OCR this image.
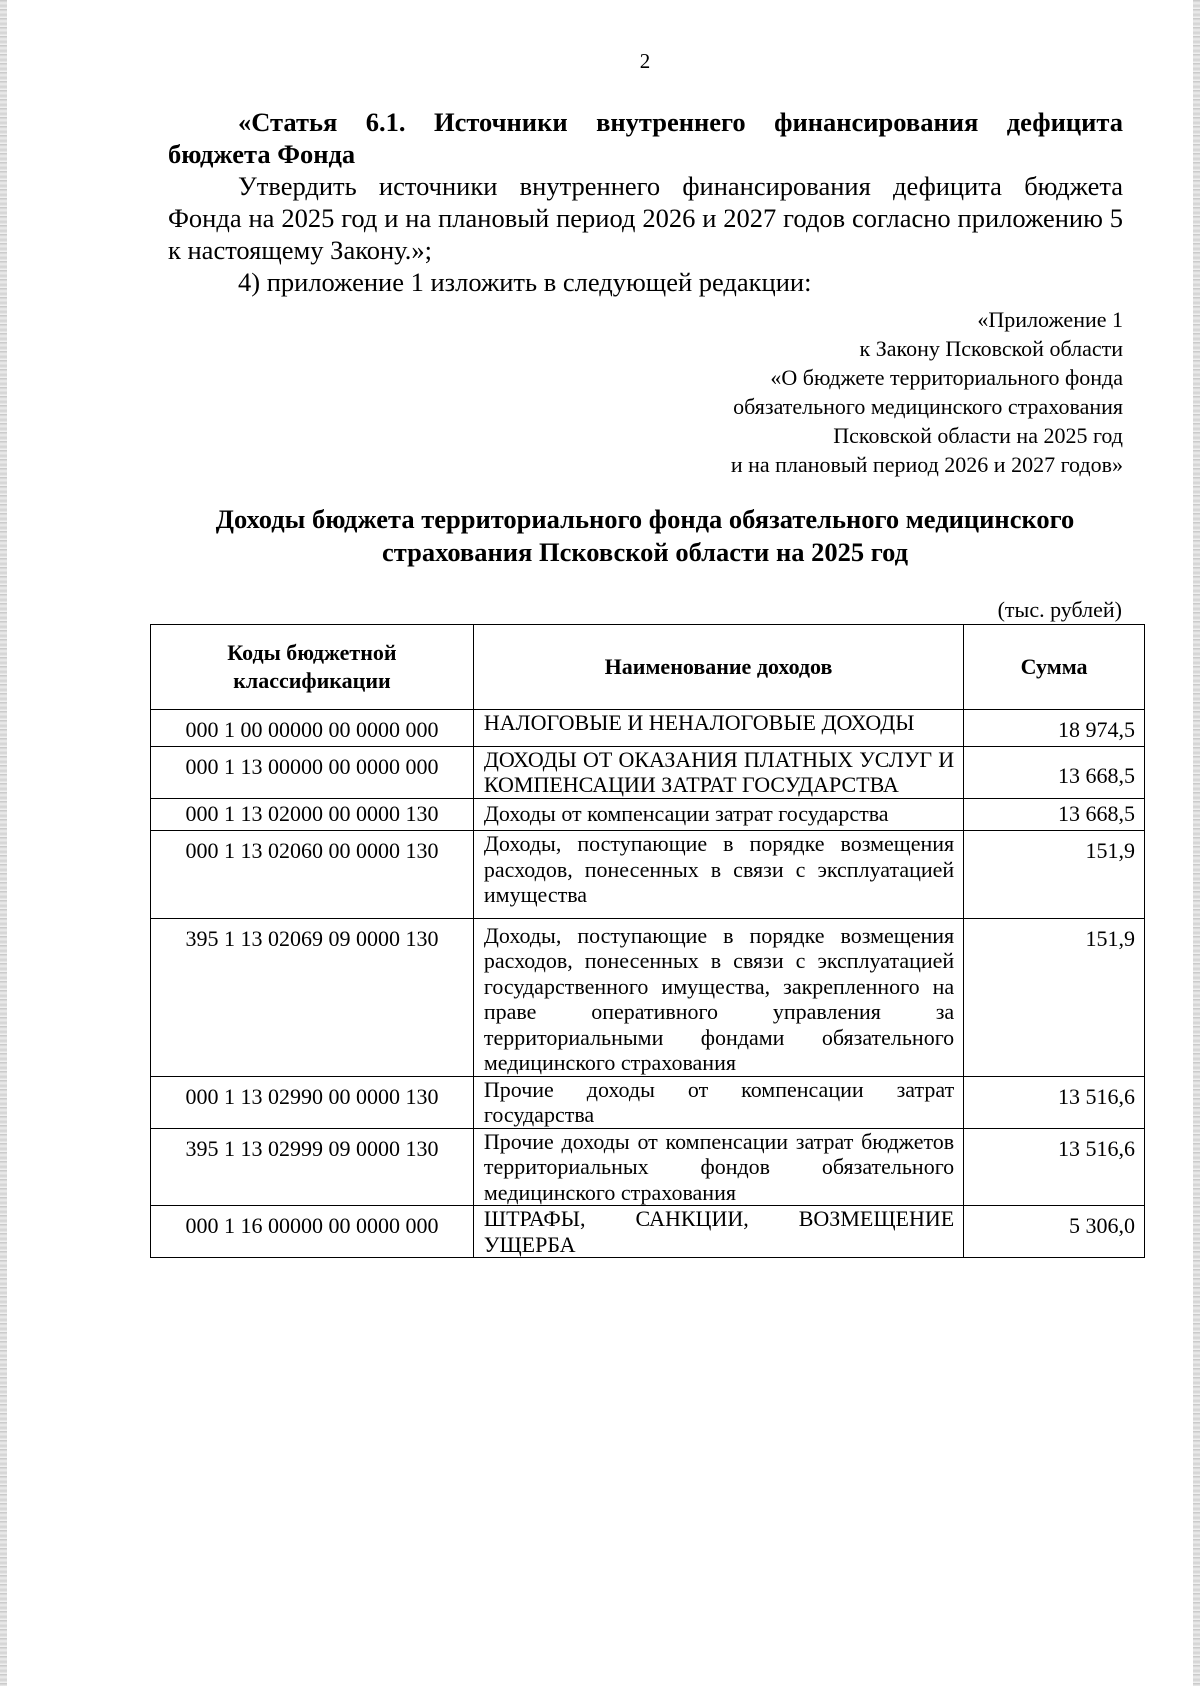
2

«Статья 6.1. Источники внутреннего финансирования дефицита бюджета Фонда

Утвердить источники внутреннего финансирования дефицита бюджета Фонда на 2025 год и на плановый период 2026 и 2027 годов согласно приложению 5 к настоящему Закону.»;

4) приложение 1 изложить в следующей редакции:

«Приложение 1
к Закону Псковской области
«О бюджете территориального фонда
обязательного медицинского страхования
Псковской области на 2025 год
и на плановый период 2026 и 2027 годов»
Доходы бюджета территориального фонда обязательного медицинского
страхования Псковской области на 2025 год
(тыс. рублей)
Коды бюджетной
классификации	Наименование доходов	Сумма
000 1 00 00000 00 0000 000	НАЛОГОВЫЕ И НЕНАЛОГОВЫЕ ДОХОДЫ	18 974,5
000 1 13 00000 00 0000 000	ДОХОДЫ ОТ ОКАЗАНИЯ ПЛАТНЫХ УСЛУГ И КОМПЕНСАЦИИ ЗАТРАТ ГОСУДАРСТВА	13 668,5
000 1 13 02000 00 0000 130	Доходы от компенсации затрат государства	13 668,5
000 1 13 02060 00 0000 130	Доходы, поступающие в порядке возмещения расходов, понесенных в связи с эксплуатацией имущества	151,9
395 1 13 02069 09 0000 130	Доходы, поступающие в порядке возмещения расходов, понесенных в связи с эксплуатацией государственного имущества, закрепленного на праве оперативного управления за территориальными фондами обязательного медицинского страхования	151,9
000 1 13 02990 00 0000 130	Прочие доходы от компенсации затрат государства	13 516,6
395 1 13 02999 09 0000 130	Прочие доходы от компенсации затрат бюджетов территориальных фондов обязательного медицинского страхования	13 516,6
000 1 16 00000 00 0000 000	ШТРАФЫ, САНКЦИИ, ВОЗМЕЩЕНИЕ УЩЕРБА	5 306,0
